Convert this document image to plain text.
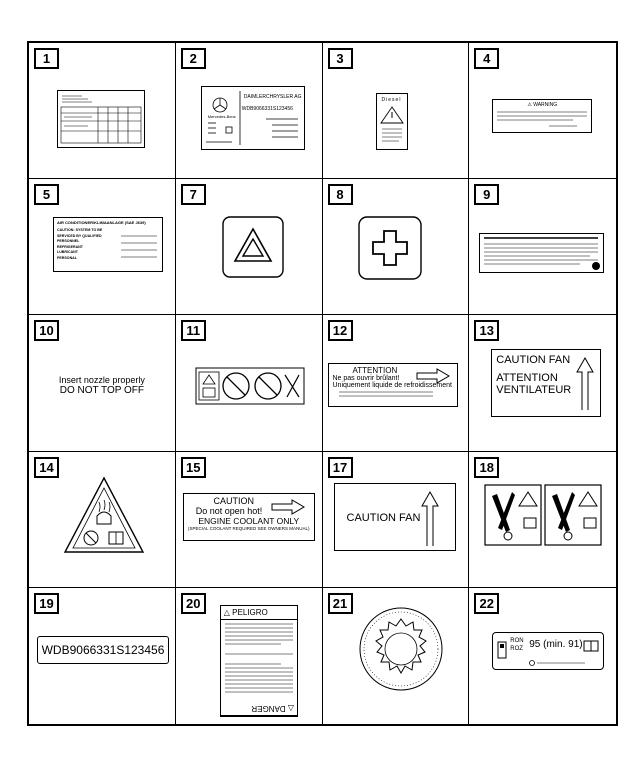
1	2
DAIMLERCHRYSLER AG
WDB9066331S123456
Mercedes-Benz
3
Diesel
4
⚠ WARNING
5
AIR CONDITIONER/KLIMAANLAGE (SAE J639)
CAUTION: SYSTEM TO BE
SERVICED BY QUALIFIED
PERSONNEL
REFRIGERANT
LUBRICANT
PERSONAL
7	8	9
10
Insert nozzle properly
DO NOT TOP OFF
11	12
ATTENTION
Ne pas ouvrir brûlant!
Uniquement liquide de refroidissement
13
CAUTION FAN
ATTENTION
VENTILATEUR
14	15
CAUTION
Do not open hot!
ENGINE COOLANT ONLY
(SPECIAL COOLANT REQUIRED SEE OWNERS MANUAL)
17
CAUTION FAN
18
19
WDB9066331S123456
20
△ PELIGRO
△ DANGER
21	22
RON
ROZ 95 (min. 91)
